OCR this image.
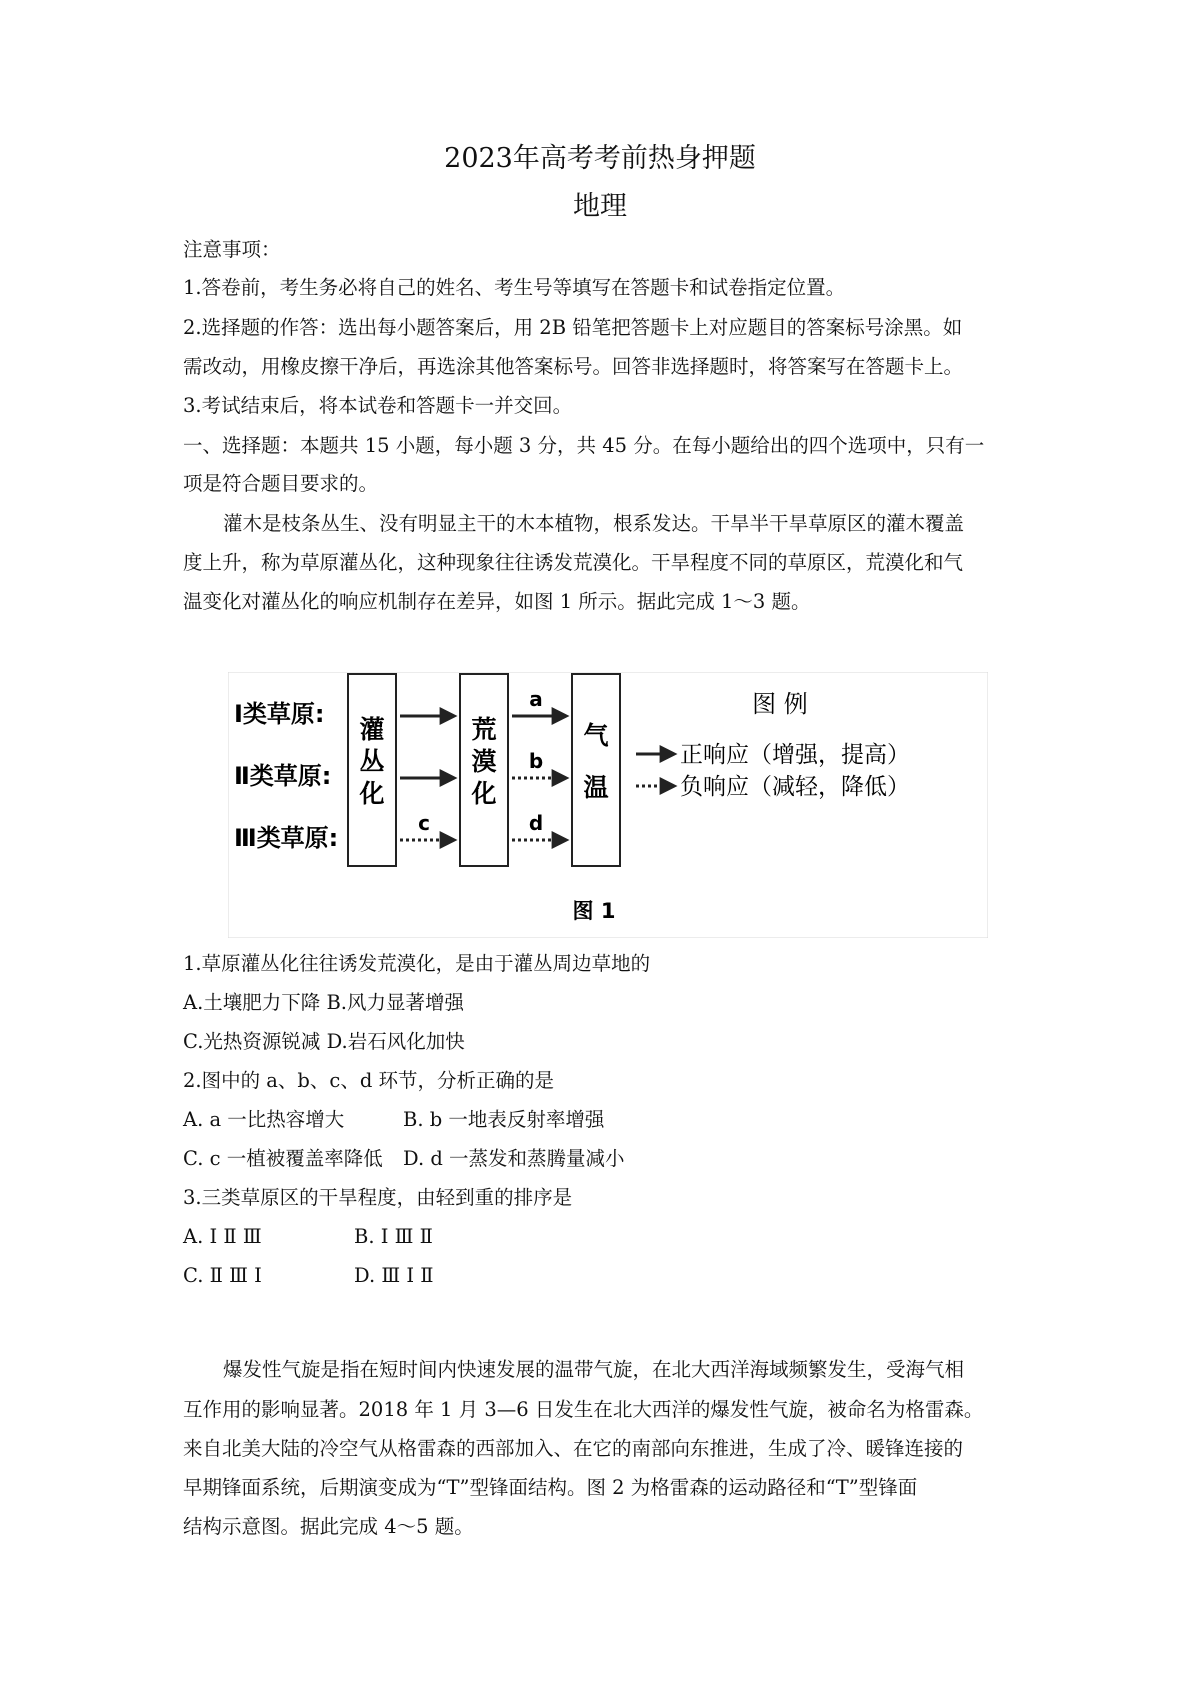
2023年高考考前热身押题
地理
注意事项：
1.答卷前，考生务必将自己的姓名、考生号等填写在答题卡和试卷指定位置。
2.选择题的作答：选出每小题答案后，用 2B 铅笔把答题卡上对应题目的答案标号涂黑。如
需改动，用橡皮擦干净后，再选涂其他答案标号。回答非选择题时，将答案写在答题卡上。
3.考试结束后，将本试卷和答题卡一并交回。
一、选择题：本题共 15 小题，每小题 3 分，共 45 分。在每小题给出的四个选项中，只有一
项是符合题目要求的。
灌木是枝条丛生、没有明显主干的木本植物，根系发达。干旱半干旱草原区的灌木覆盖
度上升，称为草原灌丛化，这种现象往往诱发荒漠化。干旱程度不同的草原区，荒漠化和气
温变化对灌丛化的响应机制存在差异，如图 1 所示。据此完成 1～3 题。
Ⅰ类草原:
Ⅱ类草原:
Ⅲ类草原:
灌
丛
化
荒
漠
化
气
温
a
b
c	d
图 例
正响应（增强，提高）
负响应（减轻，降低）
图 1
1.草原灌丛化往往诱发荒漠化，是由于灌丛周边草地的
A.土壤肥力下降 B.风力显著增强
C.光热资源锐减 D.岩石风化加快
2.图中的 a、b、c、d 环节，分析正确的是
A. a 一比热容增大	B. b 一地表反射率增强
C. c 一植被覆盖率降低 D. d 一蒸发和蒸腾量减小
3.三类草原区的干旱程度，由轻到重的排序是
A. Ⅰ Ⅱ Ⅲ	B. Ⅰ Ⅲ Ⅱ
C. Ⅱ Ⅲ Ⅰ	D. Ⅲ Ⅰ Ⅱ
爆发性气旋是指在短时间内快速发展的温带气旋，在北大西洋海域频繁发生，受海气相
互作用的影响显著。2018 年 1 月 3—6 日发生在北大西洋的爆发性气旋，被命名为格雷森。
来自北美大陆的冷空气从格雷森的西部加入、在它的南部向东推进，生成了冷、暖锋连接的
早期锋面系统，后期演变成为“T”型锋面结构。图 2 为格雷森的运动路径和“T”型锋面
结构示意图。据此完成 4～5 题。
